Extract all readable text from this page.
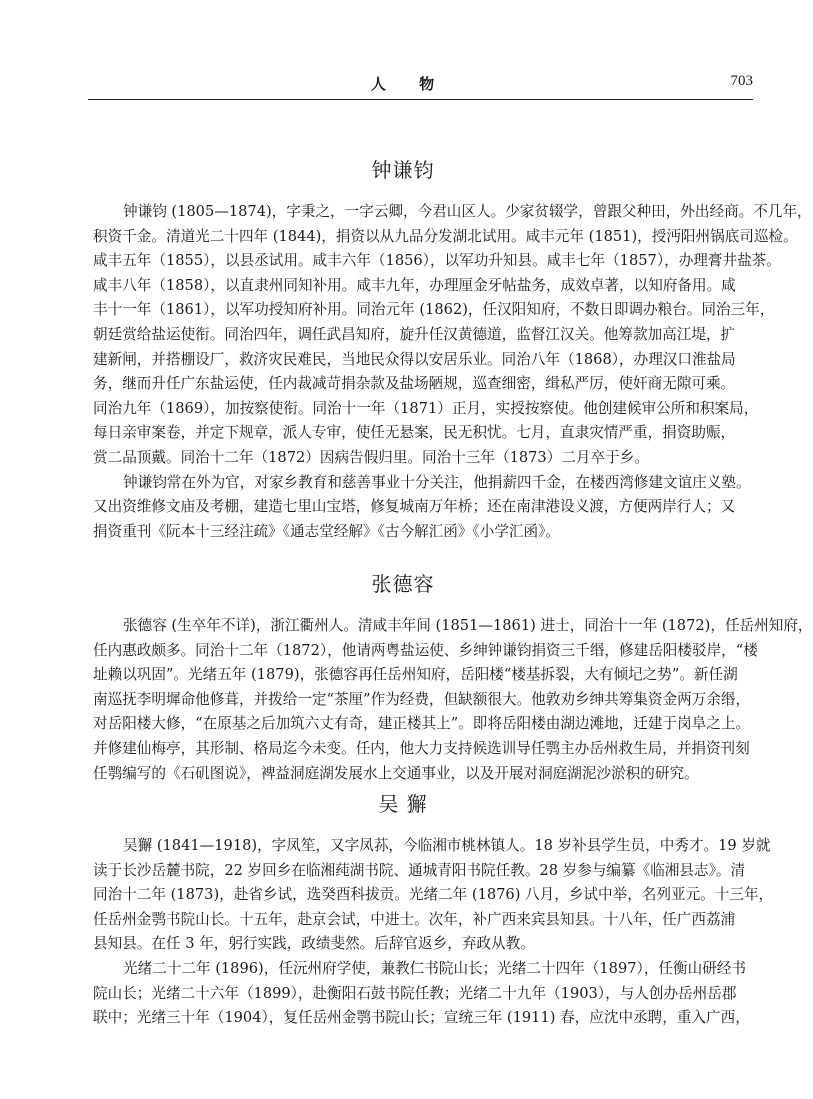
人 物	703
钟谦钧
钟谦钧 (1805—1874)，字秉之，一字云卿，今君山区人。少家贫辍学，曾跟父种田，外出经商。不几年，
积资千金。清道光二十四年 (1844)，捐资以从九品分发湖北试用。咸丰元年 (1851)，授沔阳州锅底司巡检。
咸丰五年（1855），以县丞试用。咸丰六年（1856），以军功升知县。咸丰七年（1857），办理膏井盐茶。
咸丰八年（1858），以直隶州同知补用。咸丰九年，办理厘金牙帖盐务，成效卓著，以知府备用。咸
丰十一年（1861），以军功授知府补用。同治元年 (1862)，任汉阳知府，不数日即调办粮台。同治三年，
朝廷赏给盐运使衔。同治四年，调任武昌知府，旋升任汉黄德道，监督江汉关。他筹款加高江堤，扩
建新闸，并搭棚设厂，救济灾民难民，当地民众得以安居乐业。同治八年（1868），办理汉口淮盐局
务，继而升任广东盐运使，任内裁减苛捐杂款及盐场陋规，巡查细密，缉私严厉，使奸商无隙可乘。
同治九年（1869），加按察使衔。同治十一年（1871）正月，实授按察使。他创建候审公所和积案局，
每日亲审案卷，并定下规章，派人专审，使任无悬案，民无积忧。七月，直隶灾情严重，捐资助赈，
赏二品顶戴。同治十二年（1872）因病告假归里。同治十三年（1873）二月卒于乡。
钟谦钧常在外为官，对家乡教育和慈善事业十分关注，他捐薪四千金，在楼西湾修建文谊庄义塾。
又出资维修文庙及考棚，建造七里山宝塔，修复城南万年桥；还在南津港设义渡，方便两岸行人；又
捐资重刊《阮本十三经注疏》《通志堂经解》《古今解汇函》《小学汇函》。
张德容
张德容 (生卒年不详)，浙江衢州人。清咸丰年间 (1851—1861) 进士，同治十一年 (1872)，任岳州知府，
任内惠政颇多。同治十二年（1872），他请两粤盐运使、乡绅钟谦钧捐资三千缗，修建岳阳楼驳岸，“楼
址赖以巩固”。光绪五年 (1879)，张德容再任岳州知府，岳阳楼“楼基拆裂，大有倾圮之势”。新任湖
南巡抚李明墀命他修葺，并拨给一定“茶厘”作为经费，但缺额很大。他敦劝乡绅共筹集资金两万余缗，
对岳阳楼大修，“在原基之后加筑六丈有奇，建正楼其上”。即将岳阳楼由湖边滩地，迁建于岗阜之上。
并修建仙梅亭，其形制、格局迄今未变。任内，他大力支持候选训导任鹗主办岳州救生局，并捐资刊刻
任鹗编写的《石矶图说》，裨益洞庭湖发展水上交通事业，以及开展对洞庭湖泥沙淤积的研究。
吴 獬
吴獬 (1841—1918)，字凤笙，又字凤荪，今临湘市桃林镇人。18 岁补县学生员，中秀才。19 岁就
读于长沙岳麓书院，22 岁回乡在临湘莼湖书院、通城青阳书院任教。28 岁参与编纂《临湘县志》。清
同治十二年 (1873)，赴省乡试，选癸酉科拔贡。光绪二年 (1876) 八月，乡试中举，名列亚元。十三年，
任岳州金鹗书院山长。十五年，赴京会试，中进士。次年，补广西来宾县知县。十八年，任广西荔浦
县知县。在任 3 年，躬行实践，政绩斐然。后辞官返乡，弃政从教。
光绪二十二年 (1896)，任沅州府学使，兼教仁书院山长；光绪二十四年（1897），任衡山研经书
院山长；光绪二十六年（1899），赴衡阳石鼓书院任教；光绪二十九年（1903），与人创办岳州岳郡
联中；光绪三十年（1904），复任岳州金鹗书院山长；宣统三年 (1911) 春，应沈中丞聘，重入广西，
